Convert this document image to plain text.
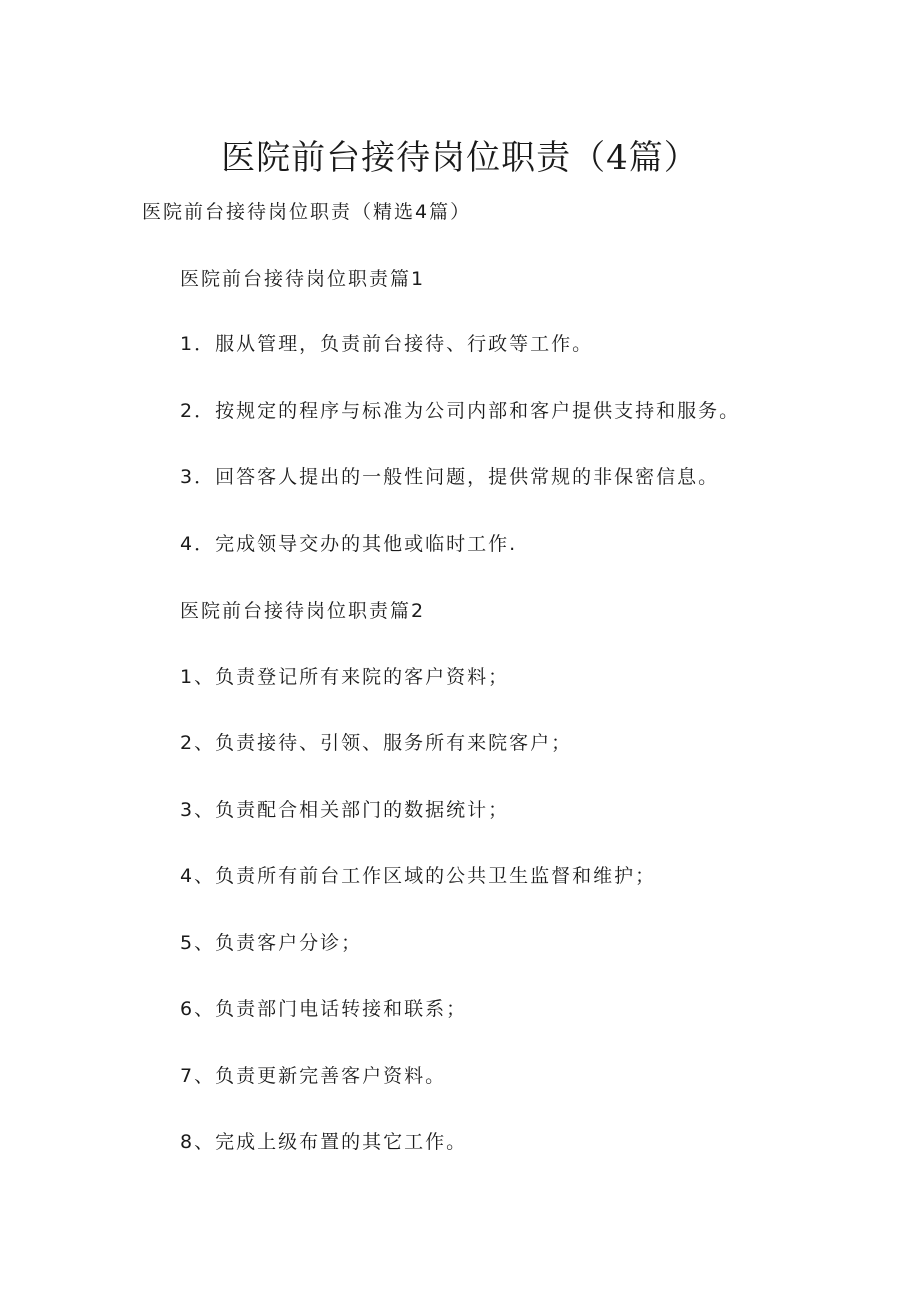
医院前台接待岗位职责（4篇）
医院前台接待岗位职责（精选4篇）
医院前台接待岗位职责篇1
1．服从管理，负责前台接待、行政等工作。
2．按规定的程序与标准为公司内部和客户提供支持和服务。
3．回答客人提出的一般性问题，提供常规的非保密信息。
4．完成领导交办的其他或临时工作.
医院前台接待岗位职责篇2
1、负责登记所有来院的客户资料；
2、负责接待、引领、服务所有来院客户；
3、负责配合相关部门的数据统计；
4、负责所有前台工作区域的公共卫生监督和维护；
5、负责客户分诊；
6、负责部门电话转接和联系；
7、负责更新完善客户资料。
8、完成上级布置的其它工作。
